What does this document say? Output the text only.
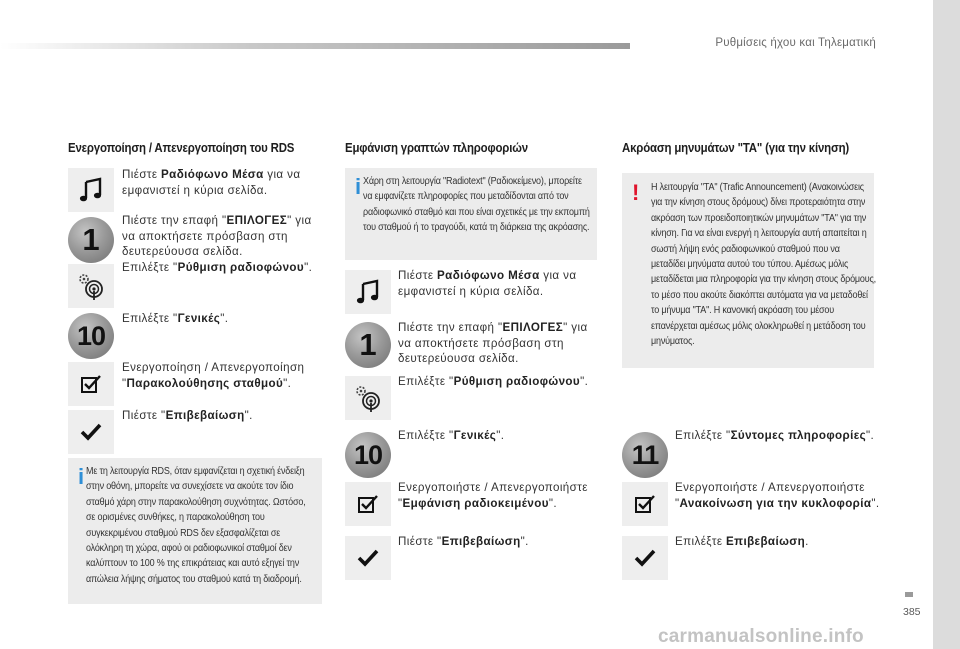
Ρυθμίσεις ήχου και Τηλεματική
Ενεργοποίηση / Απενεργοποίηση του RDS
Πιέστε Ραδιόφωνο Μέσα για να εμφανιστεί η κύρια σελίδα.
1
Πιέστε την επαφή "ΕΠΙΛΟΓΕΣ" για να αποκτήσετε πρόσβαση στη δευτερεύουσα σελίδα.
Επιλέξτε "Ρύθμιση ραδιοφώνου".
10
Επιλέξτε "Γενικές".
Ενεργοποίηση / Απενεργοποίηση "Παρακολούθησης σταθμού".
Πιέστε "Επιβεβαίωση".
i Με τη λειτουργία RDS, όταν εμφανίζεται η σχετική ένδειξη στην οθόνη, μπορείτε να συνεχίσετε να ακούτε τον ίδιο σταθμό χάρη στην παρακολούθηση συχνότητας. Ωστόσο, σε ορισμένες συνθήκες, η παρακολούθηση του συγκεκριμένου σταθμού RDS δεν εξασφαλίζεται σε ολόκληρη τη χώρα, αφού οι ραδιοφωνικοί σταθμοί δεν καλύπτουν το 100 % της επικράτειας και αυτό εξηγεί την απώλεια λήψης σήματος του σταθμού κατά τη διαδρομή.
Εμφάνιση γραπτών πληροφοριών
i Χάρη στη λειτουργία "Radiotext" (Ραδιοκείμενο), μπορείτε να εμφανίζετε πληροφορίες που μεταδίδονται από τον ραδιοφωνικό σταθμό και που είναι σχετικές με την εκπομπή του σταθμού ή το τραγούδι, κατά τη διάρκεια της ακρόασης.
Πιέστε Ραδιόφωνο Μέσα για να εμφανιστεί η κύρια σελίδα.
1	Πιέστε την επαφή "ΕΠΙΛΟΓΕΣ" για να αποκτήσετε πρόσβαση στη δευτερεύουσα σελίδα.
Επιλέξτε "Ρύθμιση ραδιοφώνου".
10
Επιλέξτε "Γενικές".
Ενεργοποιήστε / Απενεργοποιήστε "Εμφάνιση ραδιοκειμένου".
Πιέστε "Επιβεβαίωση".
Ακρόαση μηνυμάτων "TA" (για την κίνηση)
!	Η λειτουργία "TA" (Trafic Announcement) (Ανακοινώσεις για την κίνηση στους δρόμους) δίνει προτεραιότητα στην ακρόαση των προειδοποιητικών μηνυμάτων "TA" για την κίνηση. Για να είναι ενεργή η λειτουργία αυτή απαιτείται η σωστή λήψη ενός ραδιοφωνικού σταθμού που να μεταδίδει μηνύματα αυτού του τύπου. Αμέσως μόλις μεταδίδεται μια πληροφορία για την κίνηση στους δρόμους, το μέσο που ακούτε διακόπτει αυτόματα για να μεταδοθεί το μήνυμα "TA". Η κανονική ακρόαση του μέσου επανέρχεται αμέσως μόλις ολοκληρωθεί η μετάδοση του μηνύματος.
11
Επιλέξτε "Σύντομες πληροφορίες".
Ενεργοποιήστε / Απενεργοποιήστε "Ανακοίνωση για την κυκλοφορία".
Επιλέξτε Επιβεβαίωση.
385
carmanualsonline.info
